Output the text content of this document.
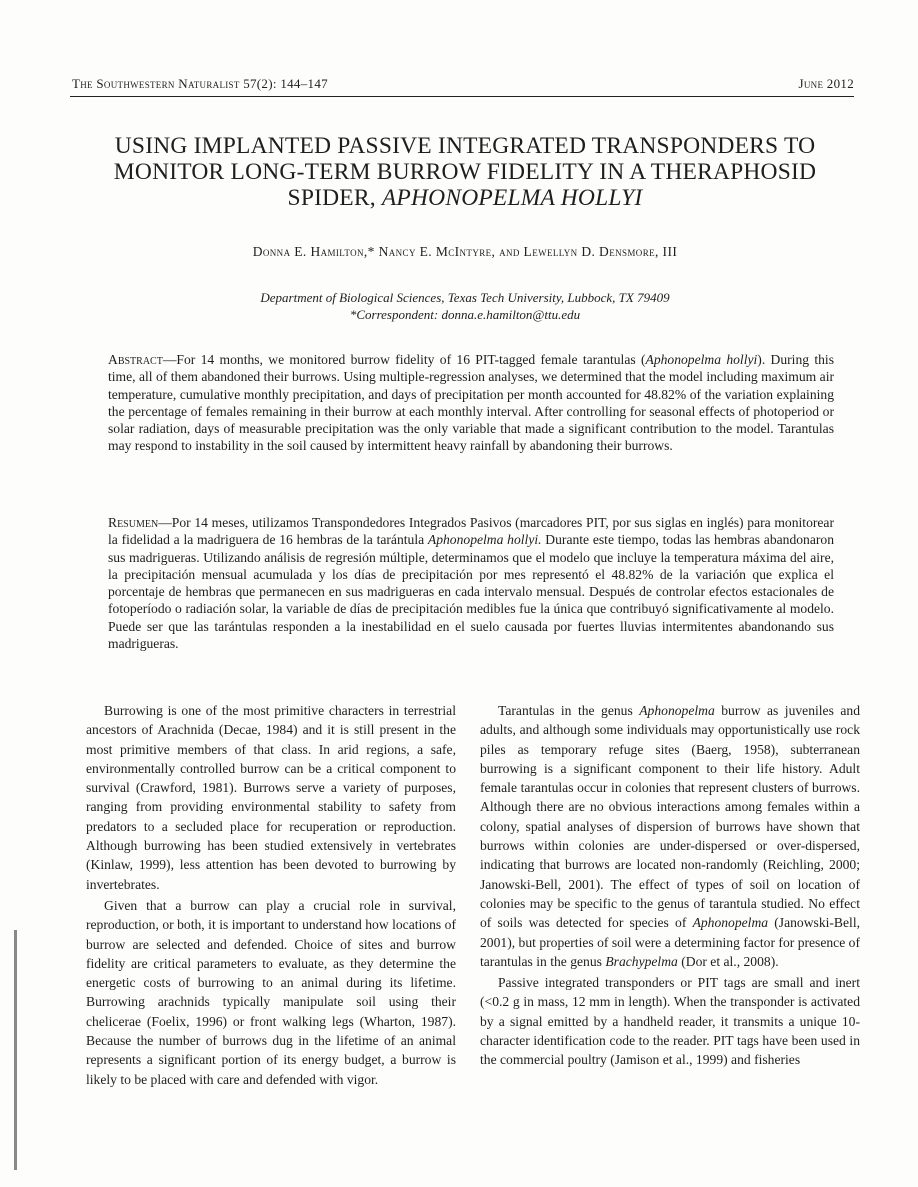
The Southwestern Naturalist 57(2): 144–147	June 2012
USING IMPLANTED PASSIVE INTEGRATED TRANSPONDERS TO
MONITOR LONG-TERM BURROW FIDELITY IN A THERAPHOSID
SPIDER, APHONOPELMA HOLLYI
Donna E. Hamilton,* Nancy E. McIntyre, and Lewellyn D. Densmore, III
Department of Biological Sciences, Texas Tech University, Lubbock, TX 79409
*Correspondent: donna.e.hamilton@ttu.edu
Abstract—For 14 months, we monitored burrow fidelity of 16 PIT-tagged female tarantulas (Aphonopelma hollyi). During this time, all of them abandoned their burrows. Using multiple-regression analyses, we determined that the model including maximum air temperature, cumulative monthly precipitation, and days of precipitation per month accounted for 48.82% of the variation explaining the percentage of females remaining in their burrow at each monthly interval. After controlling for seasonal effects of photoperiod or solar radiation, days of measurable precipitation was the only variable that made a significant contribution to the model. Tarantulas may respond to instability in the soil caused by intermittent heavy rainfall by abandoning their burrows.
Resumen—Por 14 meses, utilizamos Transpondedores Integrados Pasivos (marcadores PIT, por sus siglas en inglés) para monitorear la fidelidad a la madriguera de 16 hembras de la tarántula Aphonopelma hollyi. Durante este tiempo, todas las hembras abandonaron sus madrigueras. Utilizando análisis de regresión múltiple, determinamos que el modelo que incluye la temperatura máxima del aire, la precipitación mensual acumulada y los días de precipitación por mes representó el 48.82% de la variación que explica el porcentaje de hembras que permanecen en sus madrigueras en cada intervalo mensual. Después de controlar efectos estacionales de fotoperíodo o radiación solar, la variable de días de precipitación medibles fue la única que contribuyó significativamente al modelo. Puede ser que las tarántulas responden a la inestabilidad en el suelo causada por fuertes lluvias intermitentes abandonando sus madrigueras.

Burrowing is one of the most primitive characters in terrestrial ancestors of Arachnida (Decae, 1984) and it is still present in the most primitive members of that class. In arid regions, a safe, environmentally controlled burrow can be a critical component to survival (Crawford, 1981). Burrows serve a variety of purposes, ranging from providing environmental stability to safety from predators to a secluded place for recuperation or reproduction. Although burrowing has been studied extensively in vertebrates (Kinlaw, 1999), less attention has been devoted to burrowing by invertebrates.

Given that a burrow can play a crucial role in survival, reproduction, or both, it is important to understand how locations of burrow are selected and defended. Choice of sites and burrow fidelity are critical parameters to evaluate, as they determine the energetic costs of burrowing to an animal during its lifetime. Burrowing arachnids typically manipulate soil using their chelicerae (Foelix, 1996) or front walking legs (Wharton, 1987). Because the number of burrows dug in the lifetime of an animal represents a significant portion of its energy budget, a burrow is likely to be placed with care and defended with vigor.

Tarantulas in the genus Aphonopelma burrow as juveniles and adults, and although some individuals may opportunistically use rock piles as temporary refuge sites (Baerg, 1958), subterranean burrowing is a significant component to their life history. Adult female tarantulas occur in colonies that represent clusters of burrows. Although there are no obvious interactions among females within a colony, spatial analyses of dispersion of burrows have shown that burrows within colonies are under-dispersed or over-dispersed, indicating that burrows are located non-randomly (Reichling, 2000; Janowski-Bell, 2001). The effect of types of soil on location of colonies may be specific to the genus of tarantula studied. No effect of soils was detected for species of Aphonopelma (Janowski-Bell, 2001), but properties of soil were a determining factor for presence of tarantulas in the genus Brachypelma (Dor et al., 2008).

Passive integrated transponders or PIT tags are small and inert (<0.2 g in mass, 12 mm in length). When the transponder is activated by a signal emitted by a handheld reader, it transmits a unique 10-character identification code to the reader. PIT tags have been used in the commercial poultry (Jamison et al., 1999) and fisheries
